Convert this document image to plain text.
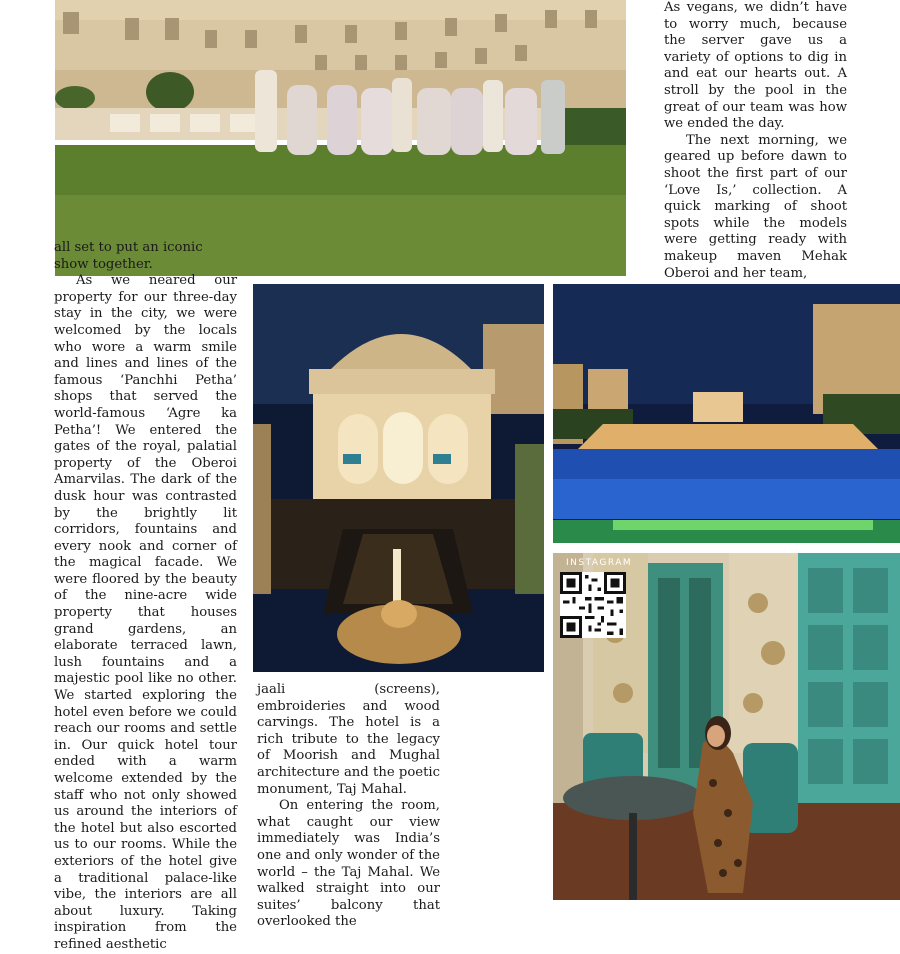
INSTAGRAM

all set to put an iconic show together.

As we neared our property for our three-day stay in the city, we were welcomed by the locals who wore a warm smile and lines and lines of the famous ‘Panchhi Petha’ shops that served the world-famous ‘Agre ka Petha’! We entered the gates of the royal, palatial property of the Oberoi Amarvilas. The dark of the dusk hour was contrasted by the brightly lit corridors, fountains and every nook and corner of the magical facade. We were floored by the beauty of the nine-acre wide property that houses grand gardens, an elaborate terraced lawn, lush fountains and a majestic pool like no other. We started exploring the hotel even before we could reach our rooms and settle in. Our quick hotel tour ended with a warm welcome extended by the staff who not only showed us around the interiors of the hotel but also escorted us to our rooms. While the exteriors of the hotel give a traditional palace-like vibe, the interiors are all about luxury. Taking inspiration from the refined aesthetic

jaali (screens), embroideries and wood carvings. The hotel is a rich tribute to the legacy of Moorish and Mughal architecture and the poetic monument, Taj Mahal.

On entering the room, what caught our view immediately was India’s one and only wonder of the world – the Taj Mahal. We walked straight into our suites’ balcony that overlooked the

As vegans, we didn’t have to worry much, because the server gave us a variety of options to dig in and eat our hearts out. A stroll by the pool in the great of our team was how we ended the day.

The next morning, we geared up before dawn to shoot the first part of our ‘Love Is,’ collection. A quick marking of shoot spots while the models were getting ready with makeup maven Mehak Oberoi and her team,
